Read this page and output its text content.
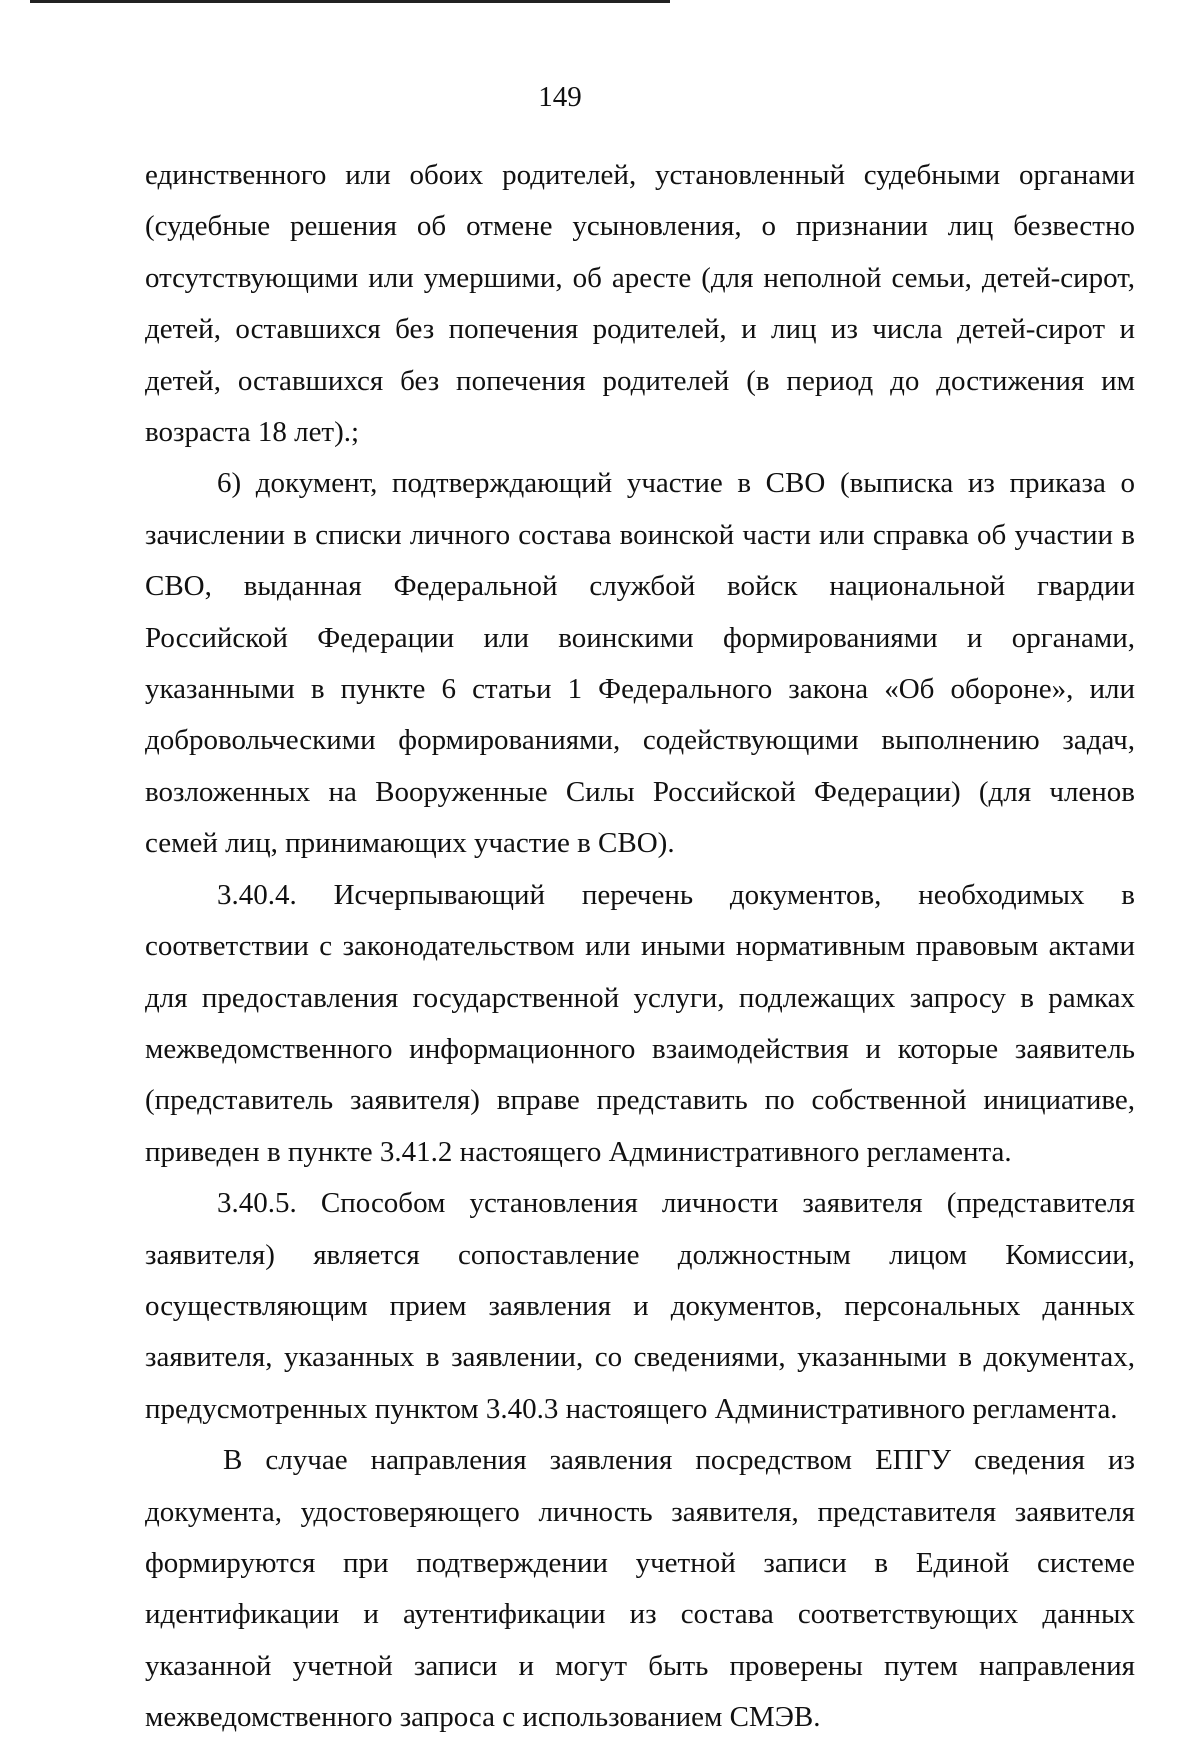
149

единственного или обоих родителей, установленный судебными органами (судебные решения об отмене усыновления, о признании лиц безвестно отсутствующими или умершими, об аресте (для неполной семьи, детей-сирот, детей, оставшихся без попечения родителей, и лиц из числа детей-сирот и детей, оставшихся без попечения родителей (в период до достижения им возраста 18 лет).;

6) документ, подтверждающий участие в СВО (выписка из приказа о зачислении в списки личного состава воинской части или справка об участии в СВО, выданная Федеральной службой войск национальной гвардии Российской Федерации или воинскими формированиями и органами, указанными в пункте 6 статьи 1 Федерального закона «Об обороне», или добровольческими формированиями, содействующими выполнению задач, возложенных на Вооруженные Силы Российской Федерации) (для членов семей лиц, принимающих участие в СВО).

3.40.4. Исчерпывающий перечень документов, необходимых в соответствии с законодательством или иными нормативным правовым актами для предоставления государственной услуги, подлежащих запросу в рамках межведомственного информационного взаимодействия и которые заявитель (представитель заявителя) вправе представить по собственной инициативе, приведен в пункте 3.41.2 настоящего Административного регламента.

3.40.5. Способом установления личности заявителя (представителя заявителя) является сопоставление должностным лицом Комиссии, осуществляющим прием заявления и документов, персональных данных заявителя, указанных в заявлении, со сведениями, указанными в документах, предусмотренных пунктом 3.40.3 настоящего Административного регламента.

В случае направления заявления посредством ЕПГУ сведения из документа, удостоверяющего личность заявителя, представителя заявителя формируются при подтверждении учетной записи в Единой системе идентификации и аутентификации из состава соответствующих данных указанной учетной записи и могут быть проверены путем направления межведомственного запроса с использованием СМЭВ.
